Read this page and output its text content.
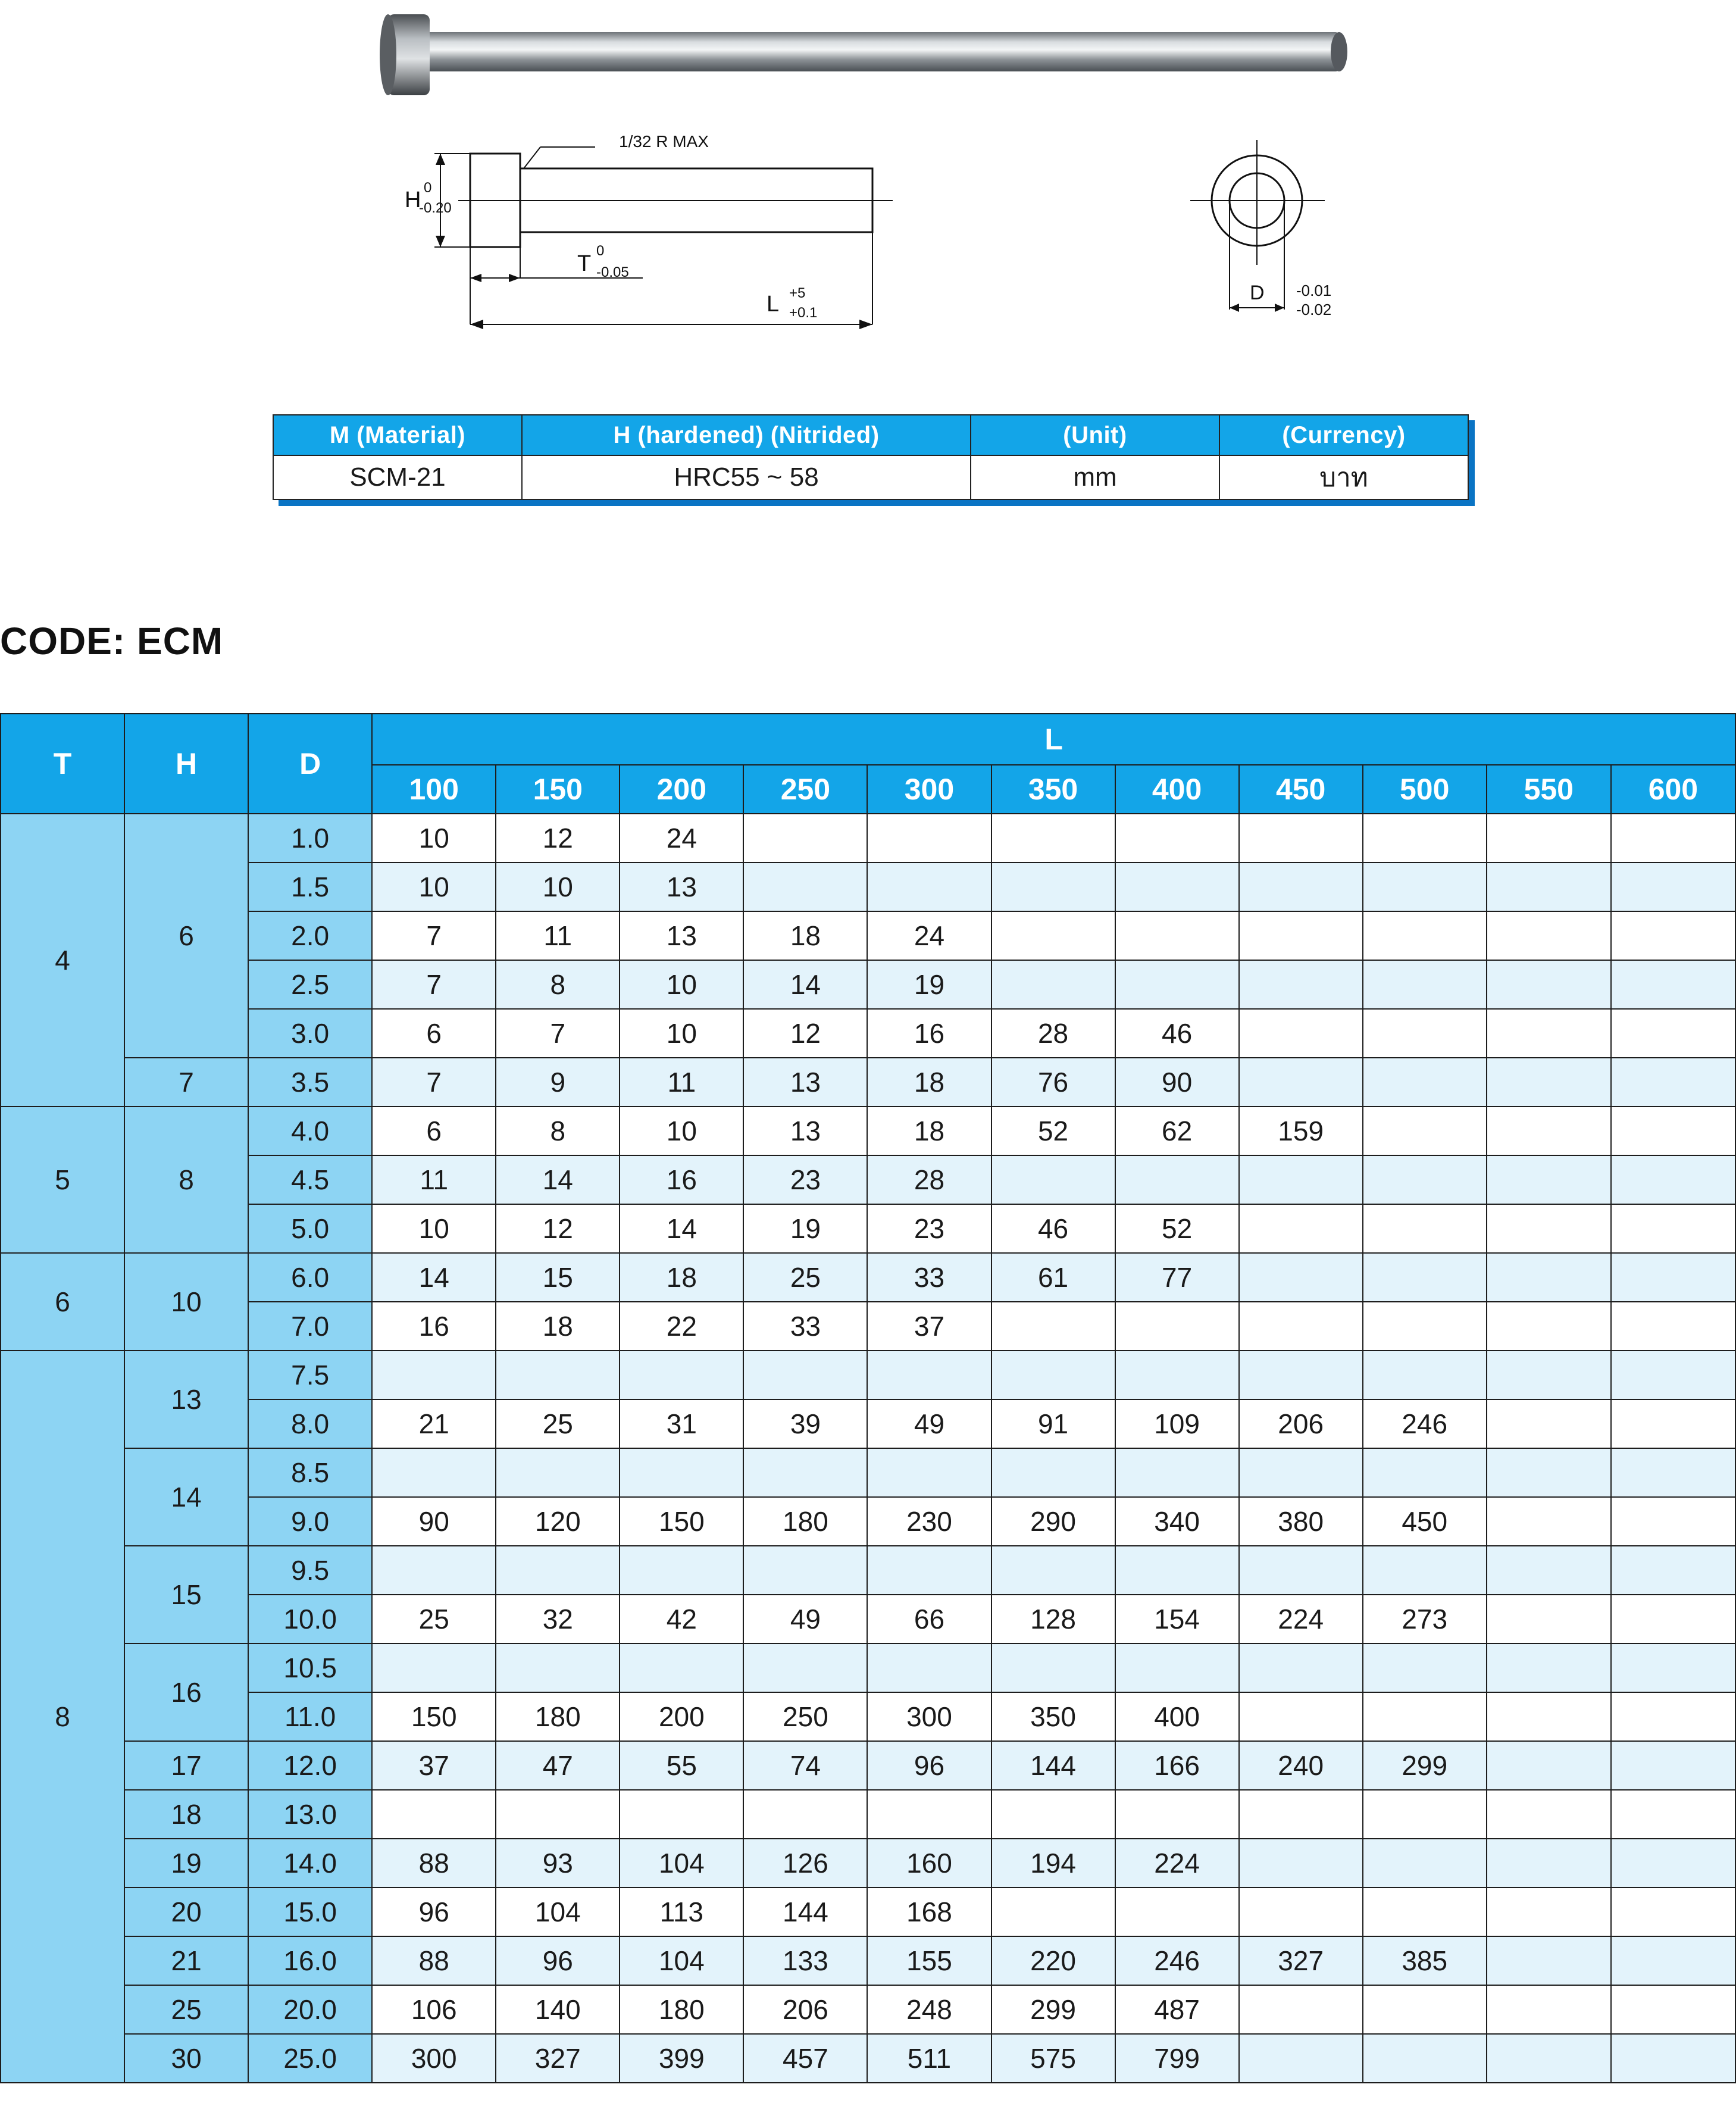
1/32 R MAX
H 0
-0.20
T
0
-0.05
L +5
+0.1
D -0.01
-0.02
M (Material)	H (hardened) (Nitrided)	(Unit)	(Currency)
SCM-21	HRC55 ~ 58	mm	บาท
CODE: ECM
T	H	D	L										
			100	150	200	250	300	350	400	450	500	550	600
4	6	1.0	10	12	24								
		1.5	10	10	13								
		2.0	7	11	13	18	24						
		2.5	7	8	10	14	19						
		3.0	6	7	10	12	16	28	46				
	7	3.5	7	9	11	13	18	76	90				
5	8	4.0	6	8	10	13	18	52	62	159			
		4.5	11	14	16	23	28						
		5.0	10	12	14	19	23	46	52				
6	10	6.0	14	15	18	25	33	61	77				
		7.0	16	18	22	33	37						
8	13	7.5											
		8.0	21	25	31	39	49	91	109	206	246		
	14	8.5											
		9.0	90	120	150	180	230	290	340	380	450		
	15	9.5											
		10.0	25	32	42	49	66	128	154	224	273		
	16	10.5											
		11.0	150	180	200	250	300	350	400				
	17	12.0	37	47	55	74	96	144	166	240	299		
	18	13.0											
	19	14.0	88	93	104	126	160	194	224				
	20	15.0	96	104	113	144	168						
	21	16.0	88	96	104	133	155	220	246	327	385		
	25	20.0	106	140	180	206	248	299	487				
	30	25.0	300	327	399	457	511	575	799				
